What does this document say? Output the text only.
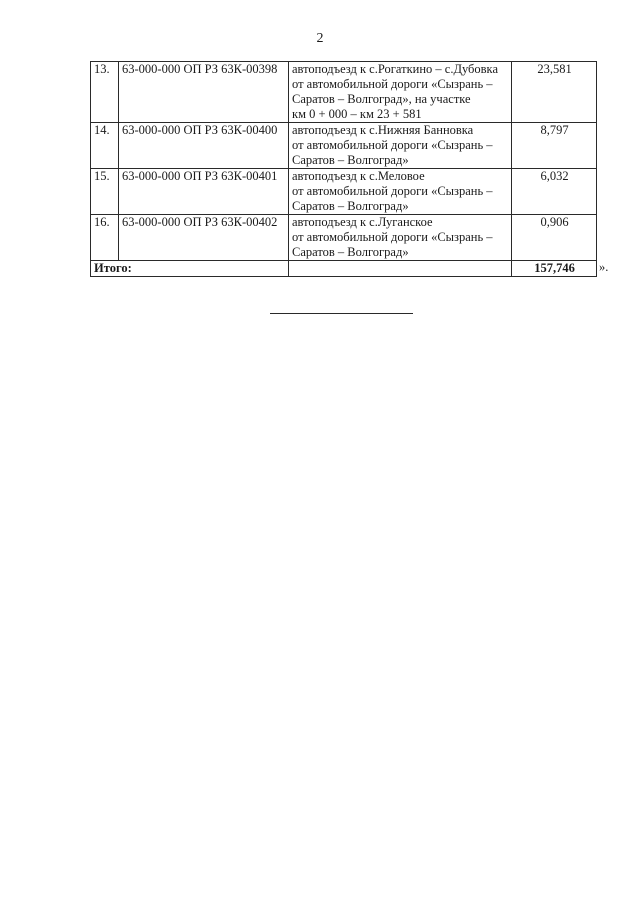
2
13.	63-000-000 ОП РЗ 63К-00398	автоподъезд к с.Рогаткино – с.Дубовка
от автомобильной дороги «Сызрань –
Саратов – Волгоград», на участке
км 0 + 000 – км 23 + 581	23,581
14.	63-000-000 ОП РЗ 63К-00400	автоподъезд к с.Нижняя Банновка
от автомобильной дороги «Сызрань –
Саратов – Волгоград»	8,797
15.	63-000-000 ОП РЗ 63К-00401	автоподъезд к с.Меловое
от автомобильной дороги «Сызрань –
Саратов – Волгоград»	6,032
16.	63-000-000 ОП РЗ 63К-00402	автоподъезд к с.Луганское
от автомобильной дороги «Сызрань –
Саратов – Волгоград»	0,906
Итого:			157,746 ».
